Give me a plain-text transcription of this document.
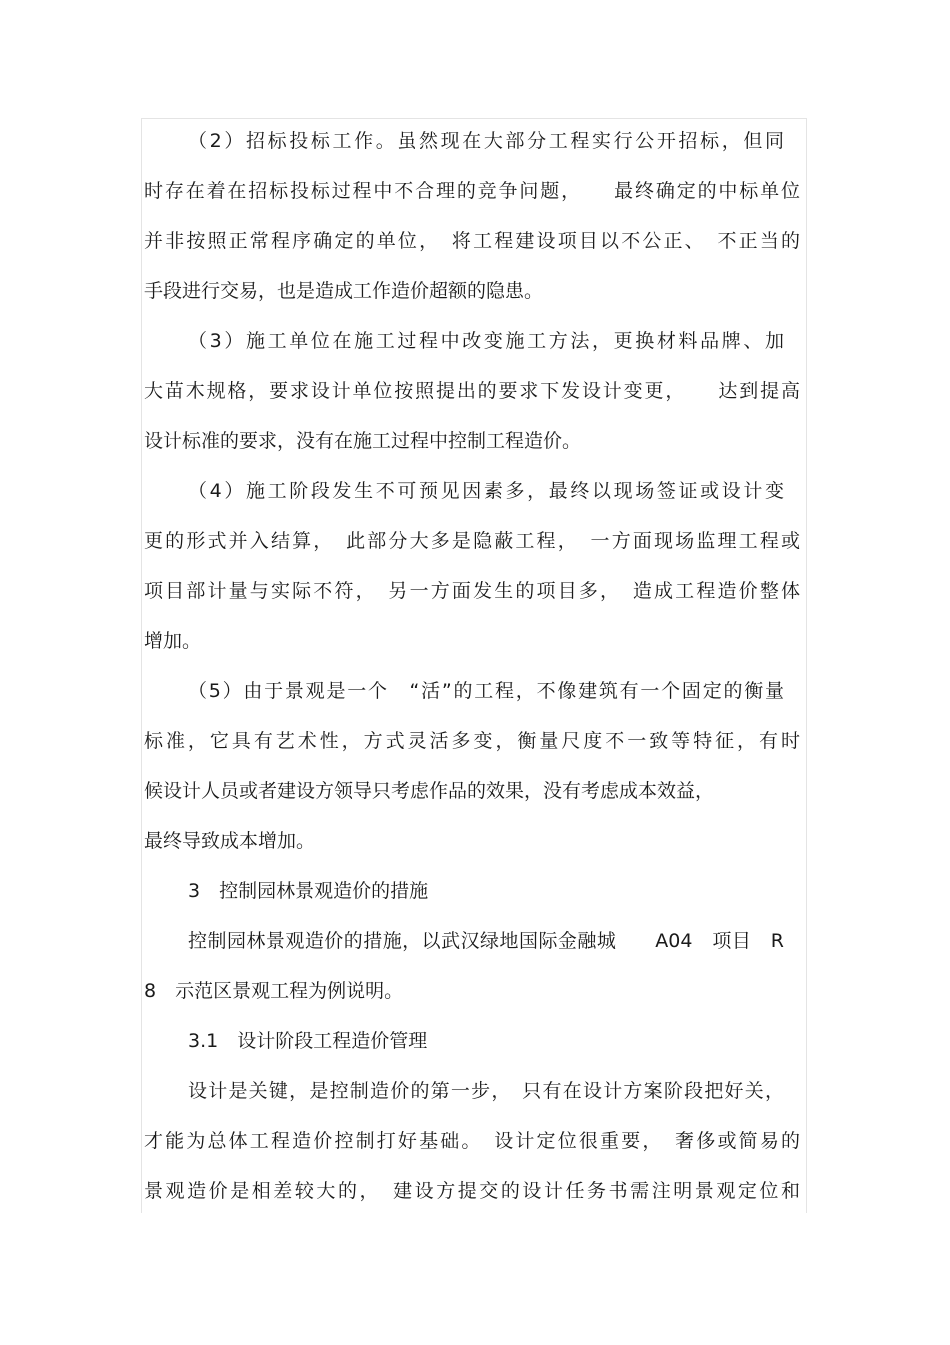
（2）招标投标工作。虽然现在大部分工程实行公开招标，但同
时存在着在招标投标过程中不合理的竞争问题，　　最终确定的中标单位
并非按照正常程序确定的单位，　将工程建设项目以不公正、　不正当的
手段进行交易，也是造成工作造价超额的隐患。
（3）施工单位在施工过程中改变施工方法，更换材料品牌、加
大苗木规格，要求设计单位按照提出的要求下发设计变更，　　达到提高
设计标准的要求，没有在施工过程中控制工程造价。
（4）施工阶段发生不可预见因素多，最终以现场签证或设计变
更的形式并入结算，　此部分大多是隐蔽工程，　一方面现场监理工程或
项目部计量与实际不符，　另一方面发生的项目多，　造成工程造价整体
增加。
（5）由于景观是一个　“活”的工程，不像建筑有一个固定的衡量
标准，它具有艺术性，方式灵活多变，衡量尺度不一致等特征，有时
候设计人员或者建设方领导只考虑作品的效果，没有考虑成本效益，
最终导致成本增加。
3　控制园林景观造价的措施
控制园林景观造价的措施，以武汉绿地国际金融城　　A04　项目　R
8　示范区景观工程为例说明。
3.1　设计阶段工程造价管理
设计是关键，是控制造价的第一步，　只有在设计方案阶段把好关，
才能为总体工程造价控制打好基础。　设计定位很重要，　奢侈或简易的
景观造价是相差较大的，　建设方提交的设计任务书需注明景观定位和
